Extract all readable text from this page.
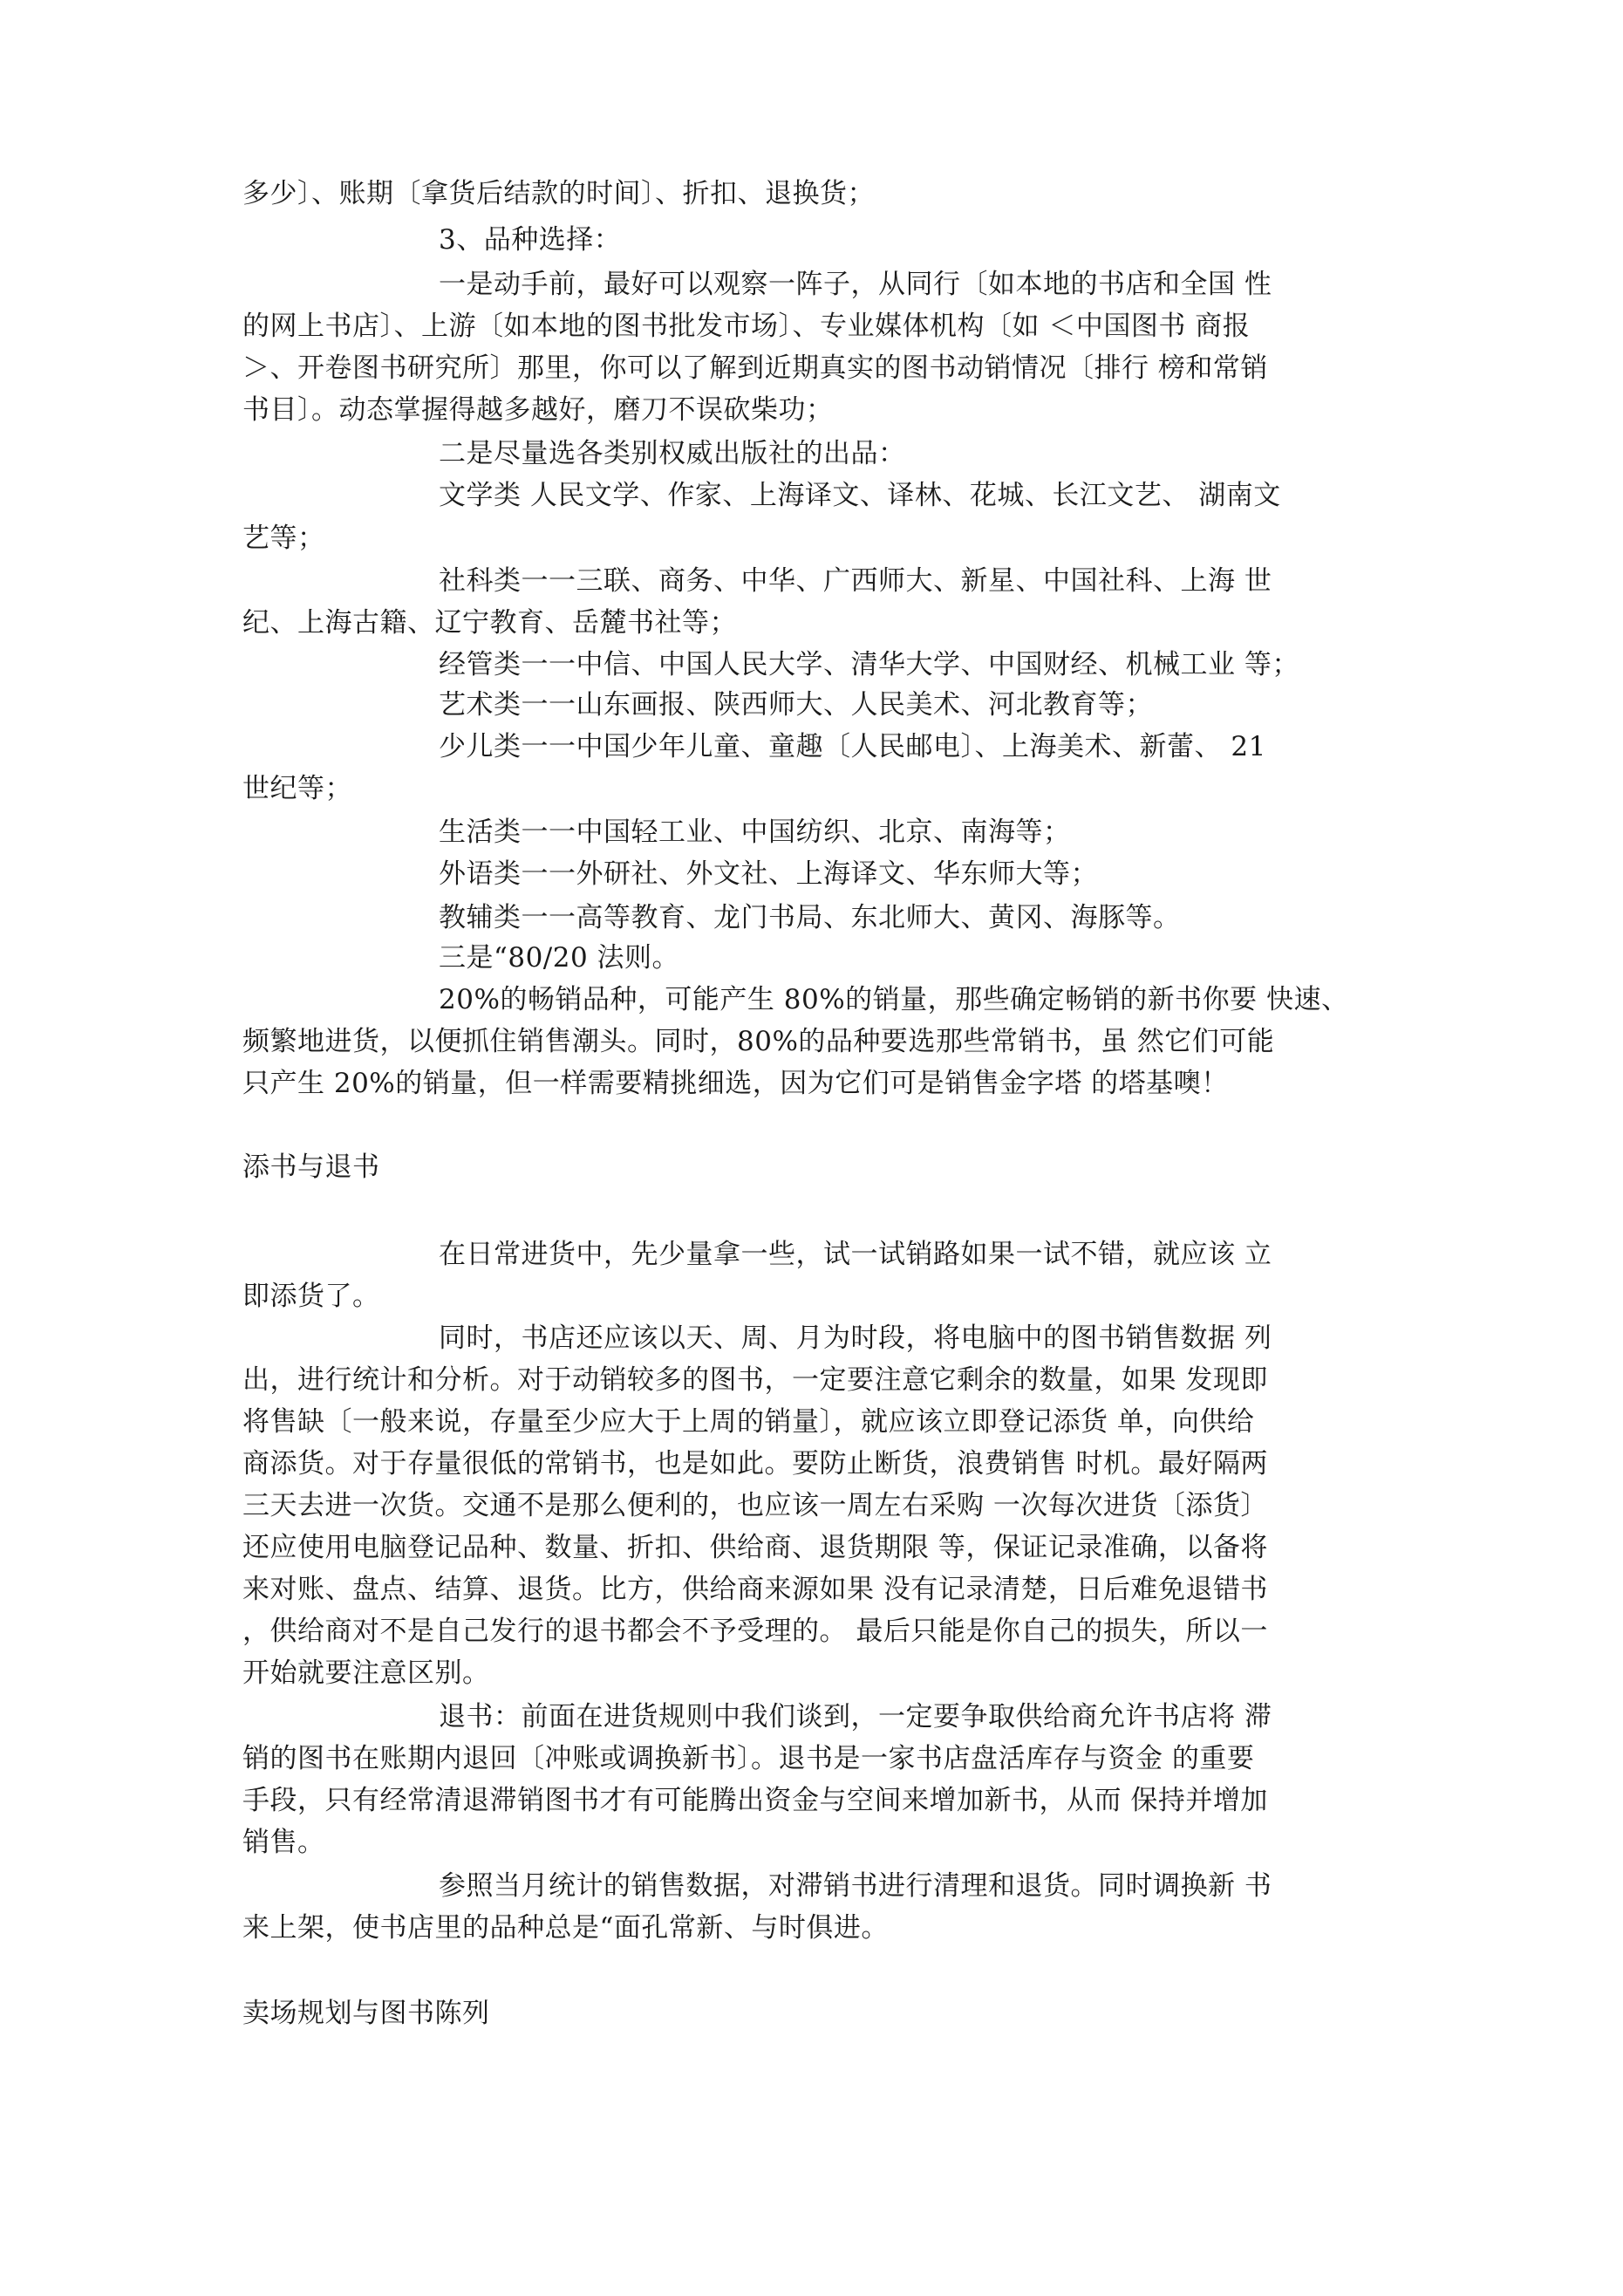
多少〕、账期〔拿货后结款的时间〕、折扣、退换货；
3、品种选择：
一是动手前，最好可以观察一阵子，从同行〔如本地的书店和全国 性
的网上书店〕、上游〔如本地的图书批发市场〕、专业媒体机构〔如 ＜中国图书 商报
＞、开卷图书研究所〕那里，你可以了解到近期真实的图书动销情况〔排行 榜和常销
书目〕。动态掌握得越多越好，磨刀不误砍柴功；
二是尽量选各类别权威出版社的出品：
文学类 人民文学、作家、上海译文、译林、花城、长江文艺、 湖南文
艺等；
社科类一一三联、商务、中华、广西师大、新星、中国社科、上海 世
纪、上海古籍、辽宁教育、岳麓书社等；
经管类一一中信、中国人民大学、清华大学、中国财经、机械工业 等；
艺术类一一山东画报、陕西师大、人民美术、河北教育等；
少儿类一一中国少年儿童、童趣〔人民邮电〕、上海美术、新蕾、 21
世纪等；
生活类一一中国轻工业、中国纺织、北京、南海等；
外语类一一外研社、外文社、上海译文、华东师大等；
教辅类一一高等教育、龙门书局、东北师大、黄冈、海豚等。
三是“80/20 法则。
20%的畅销品种，可能产生 80%的销量，那些确定畅销的新书你要 快速、
频繁地进货，以便抓住销售潮头。同时，80%的品种要选那些常销书，虽 然它们可能
只产生 20%的销量，但一样需要精挑细选，因为它们可是销售金字塔 的塔基噢！
添书与退书
在日常进货中，先少量拿一些，试一试销路如果一试不错，就应该 立
即添货了。
同时，书店还应该以天、周、月为时段，将电脑中的图书销售数据 列
出，进行统计和分析。对于动销较多的图书，一定要注意它剩余的数量，如果 发现即
将售缺〔一般来说，存量至少应大于上周的销量〕，就应该立即登记添货 单，向供给
商添货。对于存量很低的常销书，也是如此。要防止断货，浪费销售 时机。最好隔两
三天去进一次货。交通不是那么便利的，也应该一周左右采购 一次每次进货〔添货〕
还应使用电脑登记品种、数量、折扣、供给商、退货期限 等，保证记录准确，以备将
来对账、盘点、结算、退货。比方，供给商来源如果 没有记录清楚，日后难免退错书
，供给商对不是自己发行的退书都会不予受理的。 最后只能是你自己的损失，所以一
开始就要注意区别。
退书：前面在进货规则中我们谈到，一定要争取供给商允许书店将 滞
销的图书在账期内退回〔冲账或调换新书〕。退书是一家书店盘活库存与资金 的重要
手段，只有经常清退滞销图书才有可能腾出资金与空间来增加新书，从而 保持并增加
销售。
参照当月统计的销售数据，对滞销书进行清理和退货。同时调换新 书
来上架，使书店里的品种总是“面孔常新、与时俱进。
卖场规划与图书陈列
